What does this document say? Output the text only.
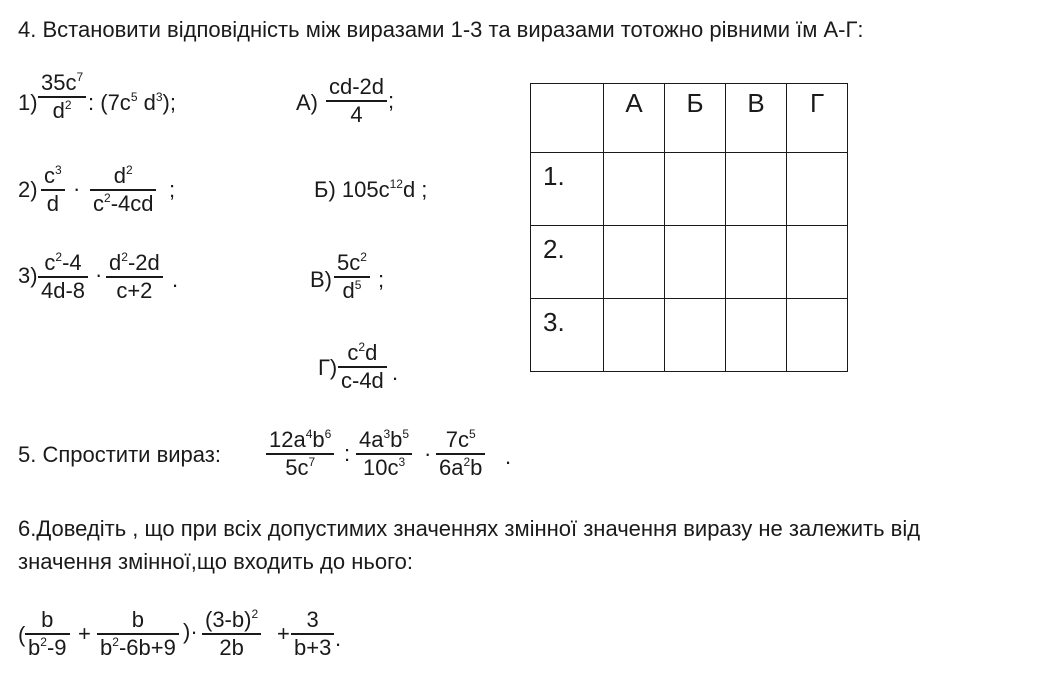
4. Встановити відповідність між виразами 1-3 та виразами тотожно рівними їм А-Г:
1)
$35c^7$
$d^2$ : ($7c^5$ $d^3$);
2)
$c^3$
d
·
$d^2$
$c^2-4cd$
;
3)
$c^2-4$
4d-8
· $d^2-2d$
c+2 .
А)
cd-2d
4
;
Б) $105c^{12}d$ ;
В)
$5c^2$
$d^5$ ;
Г)
$c^2d$
c-4d .
	А	Б	В	Г
1.				
2.				
3.				
5. Спростити вираз:
$12a^4b^6$
$5c^7$ :
$4a^3b^5$
$10c^3$ ·
$7c^5$
$6a^2b$ .
6.Доведіть , що при всіх допустимих значеннях змінної значення виразу не залежить від
значення змінної,що входить до нього:
(
b
$b^2-9$
+
b
$b^2-6b+9$
)· $(3-b)^2$
2b
+
3
b+3 .
